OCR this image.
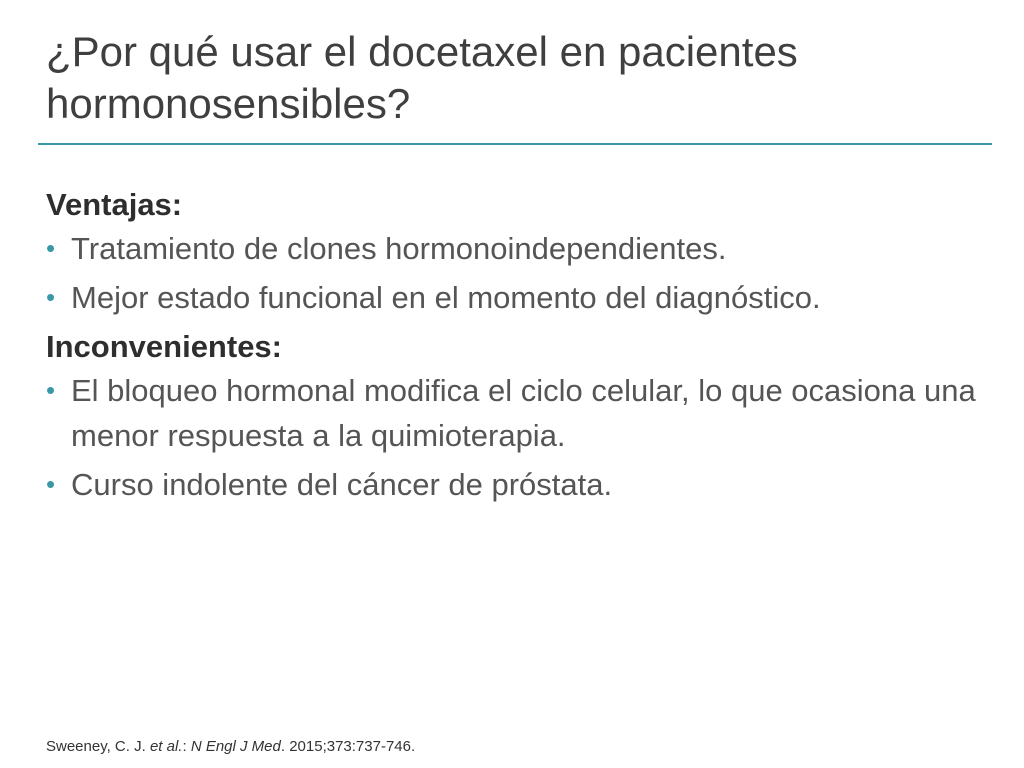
¿Por qué usar el docetaxel en pacientes
hormonosensibles?

Ventajas:

• Tratamiento de clones hormonoindependientes.
• Mejor estado funcional en el momento del diagnóstico.

Inconvenientes:

• El bloqueo hormonal modifica el ciclo celular, lo que ocasiona una menor respuesta a la quimioterapia.
• Curso indolente del cáncer de próstata.
Sweeney, C. J. et al.: N Engl J Med. 2015;373:737-746.
